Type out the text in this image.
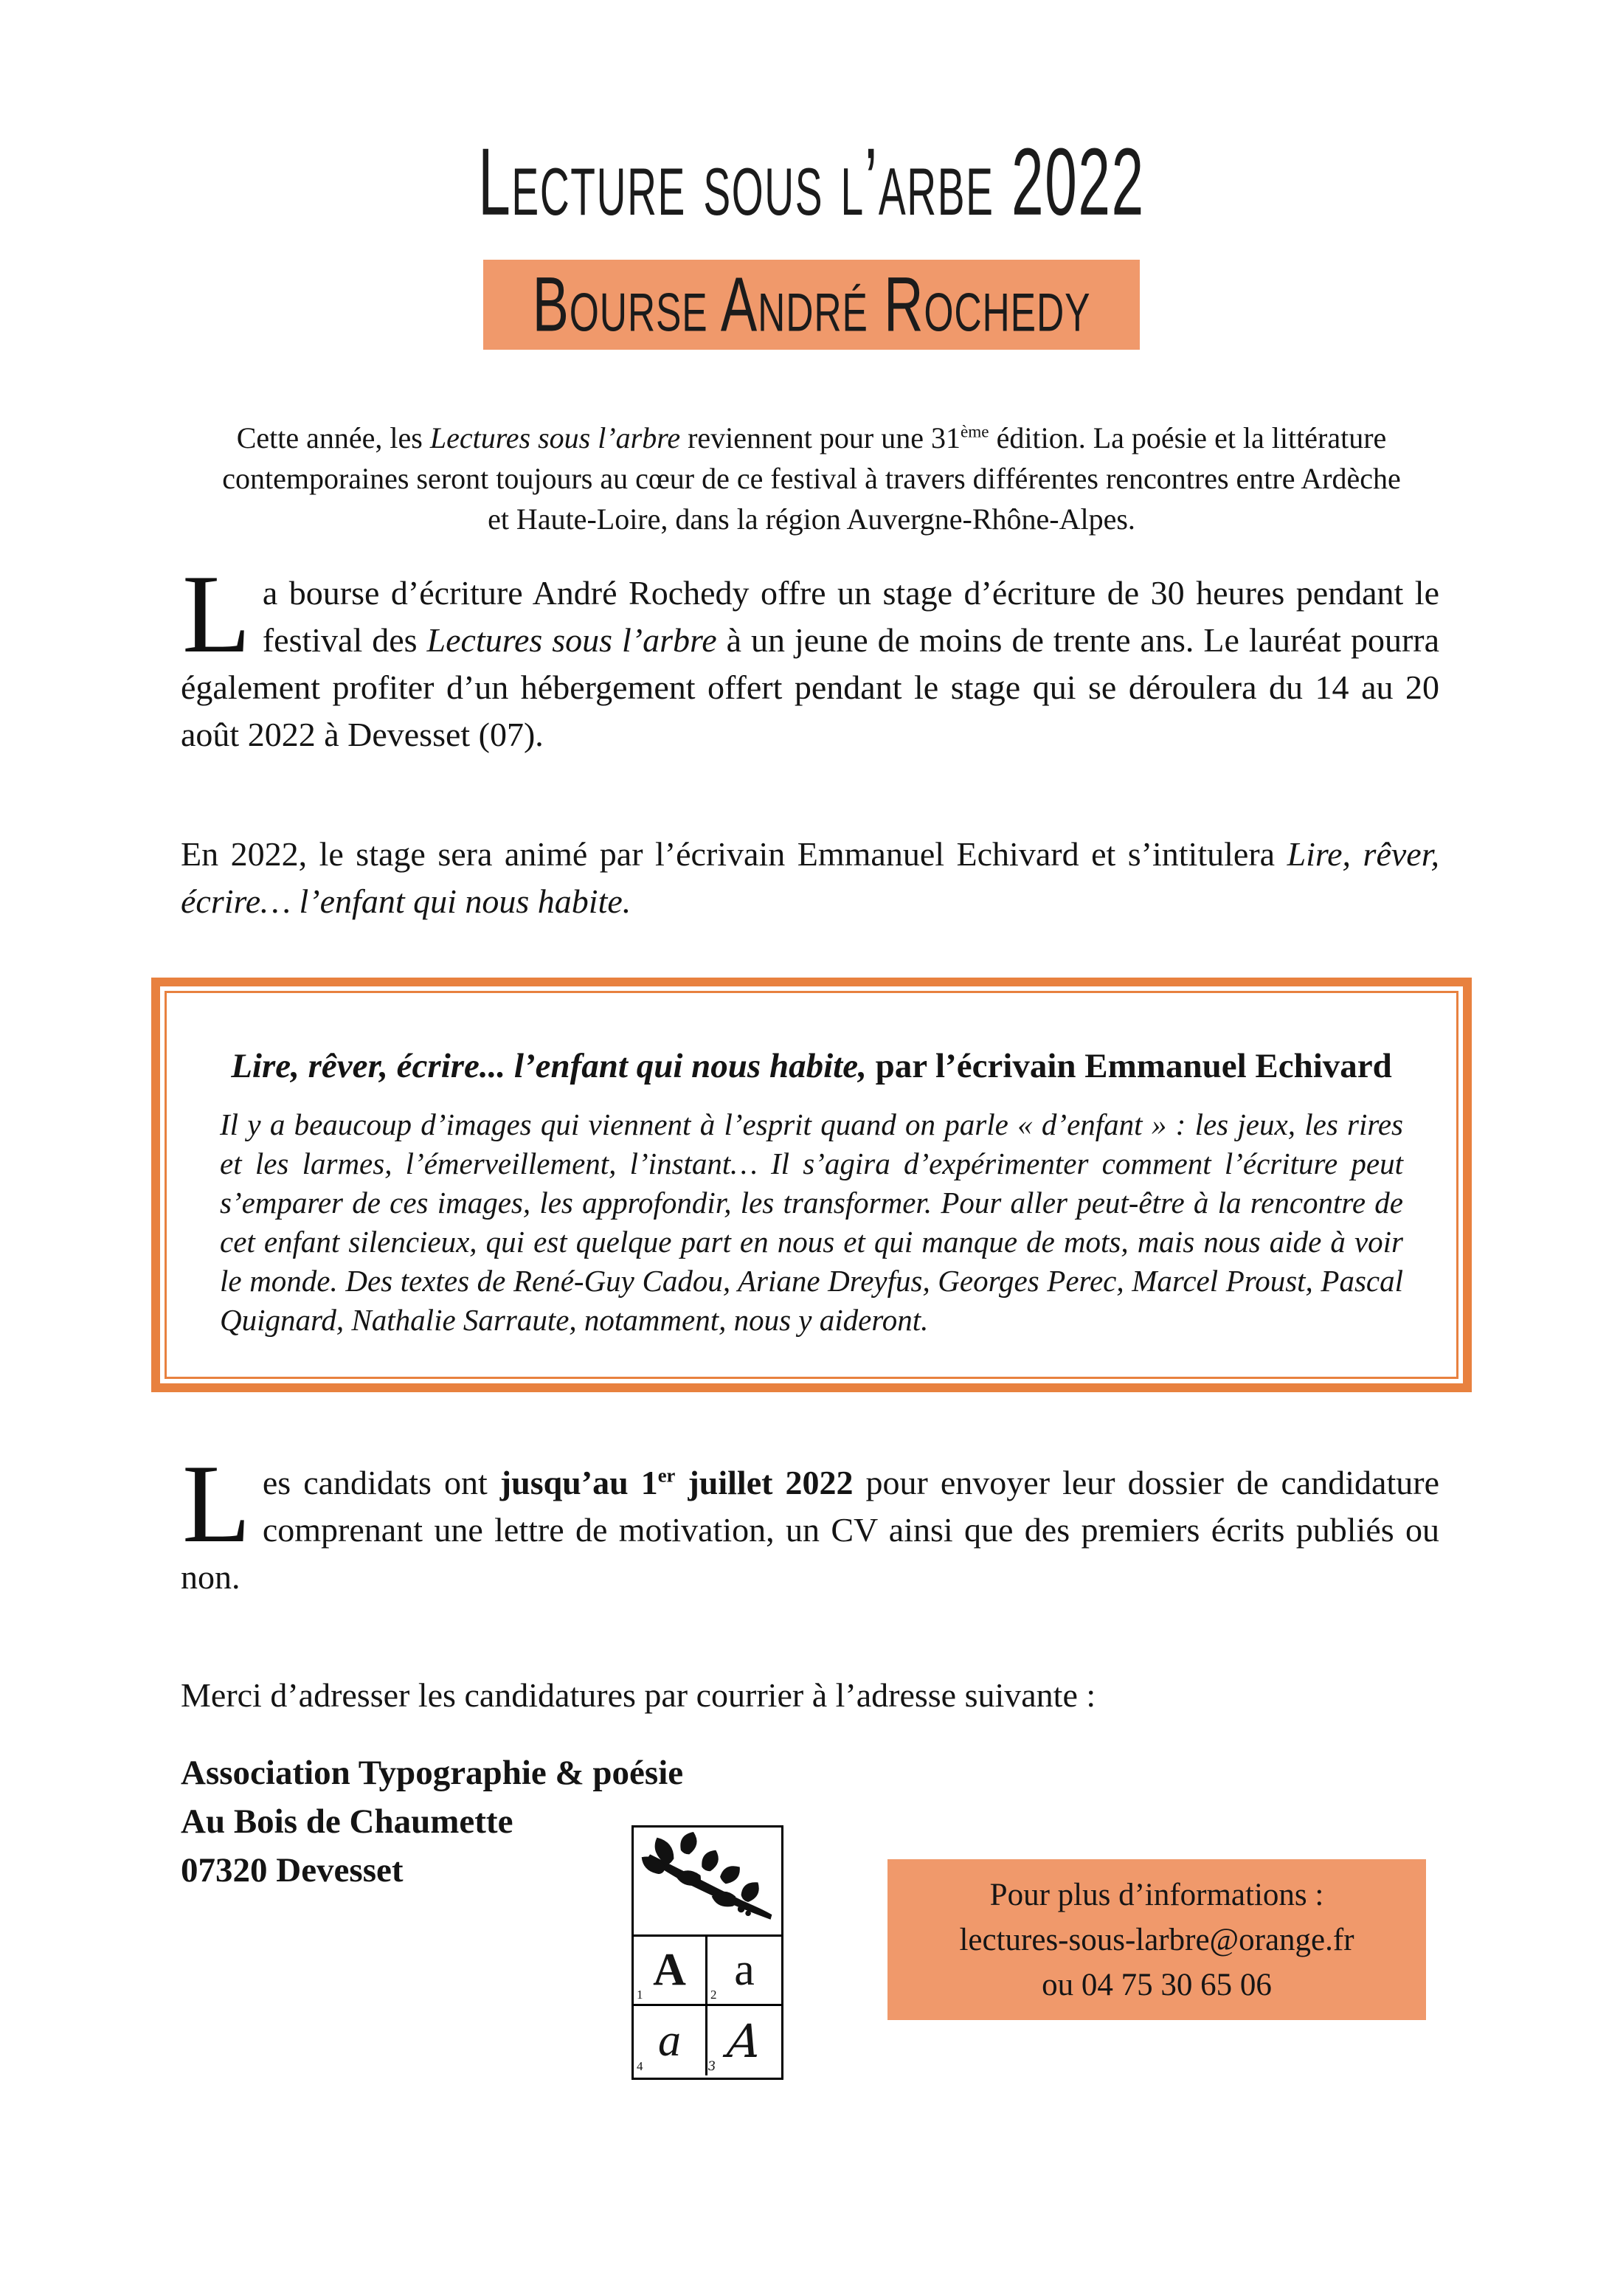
Lecture sous l’arbe 2022
Bourse André Rochedy

Cette année, les Lectures sous l’arbre reviennent pour une 31ème édition. La poésie et la littérature contemporaines seront toujours au cœur de ce festival à travers différentes rencontres entre Ardèche et Haute-Loire, dans la région Auvergne-Rhône-Alpes.

La bourse d’écriture André Rochedy offre un stage d’écriture de 30 heures pendant le festival des Lectures sous l’arbre à un jeune de moins de trente ans. Le lauréat pourra également profiter d’un hébergement offert pendant le stage qui se déroulera du 14 au 20 août 2022 à Devesset (07).

En 2022, le stage sera animé par l’écrivain Emmanuel Echivard et s’intitulera Lire, rêver, écrire… l’enfant qui nous habite.

Lire, rêver, écrire... l’enfant qui nous habite, par l’écrivain Emmanuel Echivard

Il y a beaucoup d’images qui viennent à l’esprit quand on parle « d’enfant » : les jeux, les rires et les larmes, l’émerveillement, l’instant… Il s’agira d’expérimenter comment l’écriture peut s’emparer de ces images, les approfondir, les transformer. Pour aller peut-être à la rencontre de cet enfant silencieux, qui est quelque part en nous et qui manque de mots, mais nous aide à voir le monde. Des textes de René-Guy Cadou, Ariane Dreyfus, Georges Perec, Marcel Proust, Pascal Quignard, Nathalie Sarraute, notamment, nous y aideront.

Les candidats ont jusqu’au 1er juillet 2022 pour envoyer leur dossier de candidature comprenant une lettre de motivation, un CV ainsi que des premiers écrits publiés ou non.

Merci d’adresser les candidatures par courrier à l’adresse suivante :

Association Typographie & poésie
Au Bois de Chaumette
07320 Devesset
A
1 a
2
a
4 A
3
Pour plus d’informations :
lectures-sous-larbre@orange.fr
ou 04 75 30 65 06
